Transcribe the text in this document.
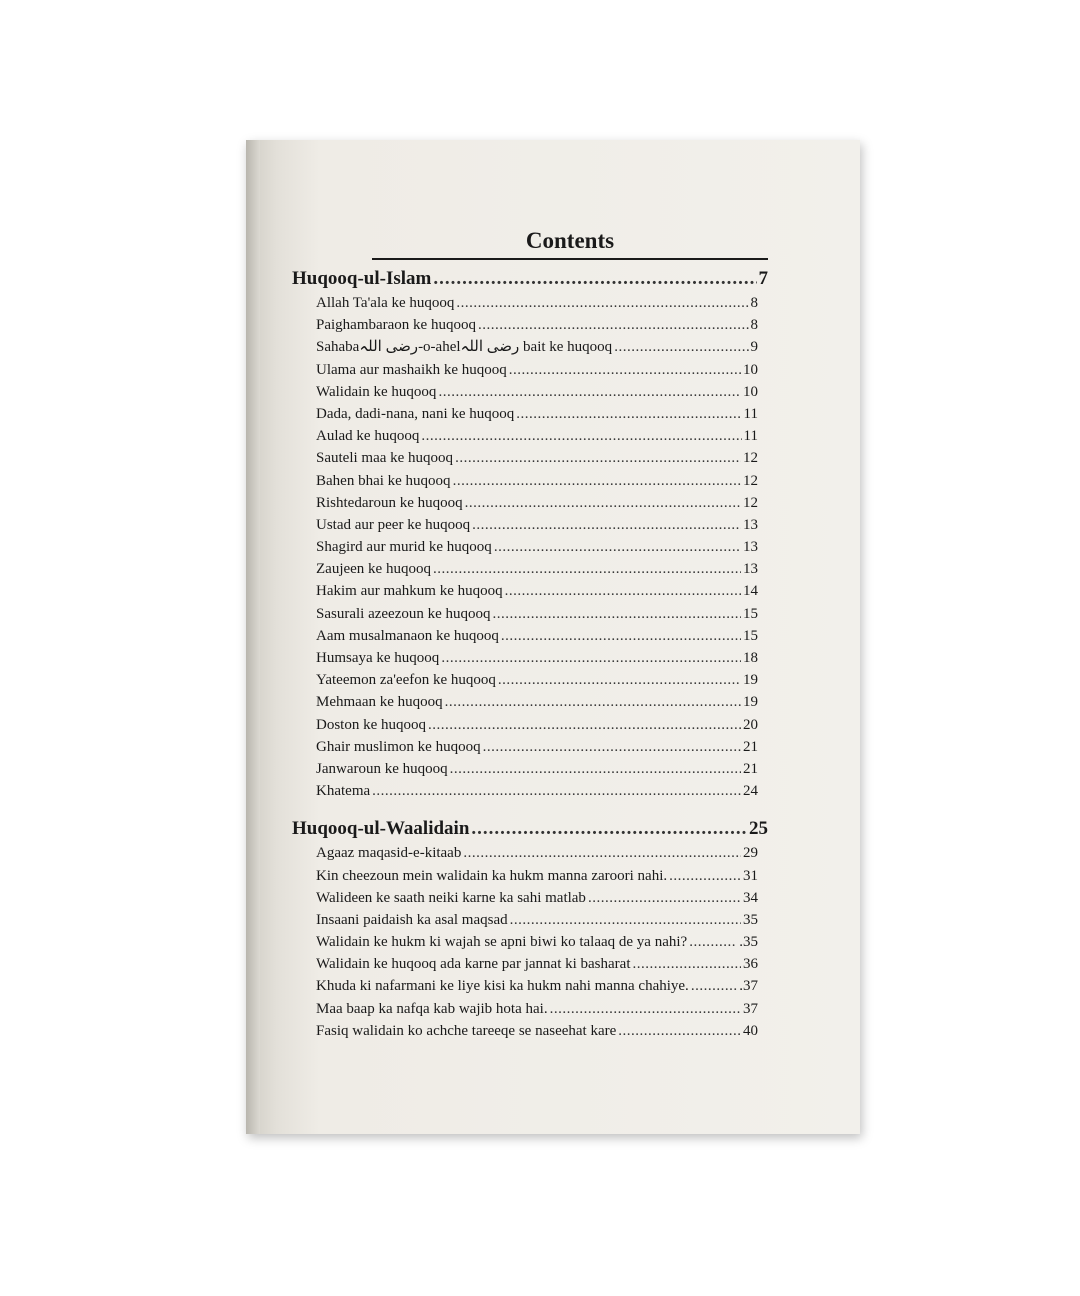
Contents
Huqooq-ul-Islam .....	7
Allah Ta'ala ke huqooq .....	8
Paighambaraon ke huqooq .....	8
Sahabaرضی اللہ-o-ahelرضی اللہ bait ke huqooq .....	9
Ulama aur mashaikh ke huqooq .....	10
Walidain ke huqooq .....	10
Dada, dadi-nana, nani ke huqooq .....	11
Aulad ke huqooq .....	11
Sauteli maa ke huqooq .....	12
Bahen bhai ke huqooq .....	12
Rishtedaroun ke huqooq .....	12
Ustad aur peer ke huqooq .....	13
Shagird aur murid ke huqooq .....	13
Zaujeen ke huqooq .....	13
Hakim aur mahkum ke huqooq .....	14
Sasurali azeezoun ke huqooq .....	15
Aam musalmanaon ke huqooq .....	15
Humsaya ke huqooq .....	18
Yateemon za'eefon ke huqooq .....	19
Mehmaan ke huqooq .....	19
Doston ke huqooq .....	20
Ghair muslimon ke huqooq .....	21
Janwaroun ke huqooq .....	21
Khatema .....	24
Huqooq-ul-Waalidain .....	25
Agaaz maqasid-e-kitaab .....	29
Kin cheezoun mein walidain ka hukm manna zaroori nahi. .....	31
Walideen ke saath neiki karne ka sahi matlab .....	34
Insaani paidaish ka asal maqsad .....	35
Walidain ke hukm ki wajah se apni biwi ko talaaq de ya nahi? .....	.35
Walidain ke huqooq ada karne par jannat ki basharat .....	36
Khuda ki nafarmani ke liye kisi ka hukm nahi manna chahiye. .....	.37
Maa baap ka nafqa kab wajib hota hai. .....	37
Fasiq walidain ko achche tareeqe se naseehat kare .....	40
